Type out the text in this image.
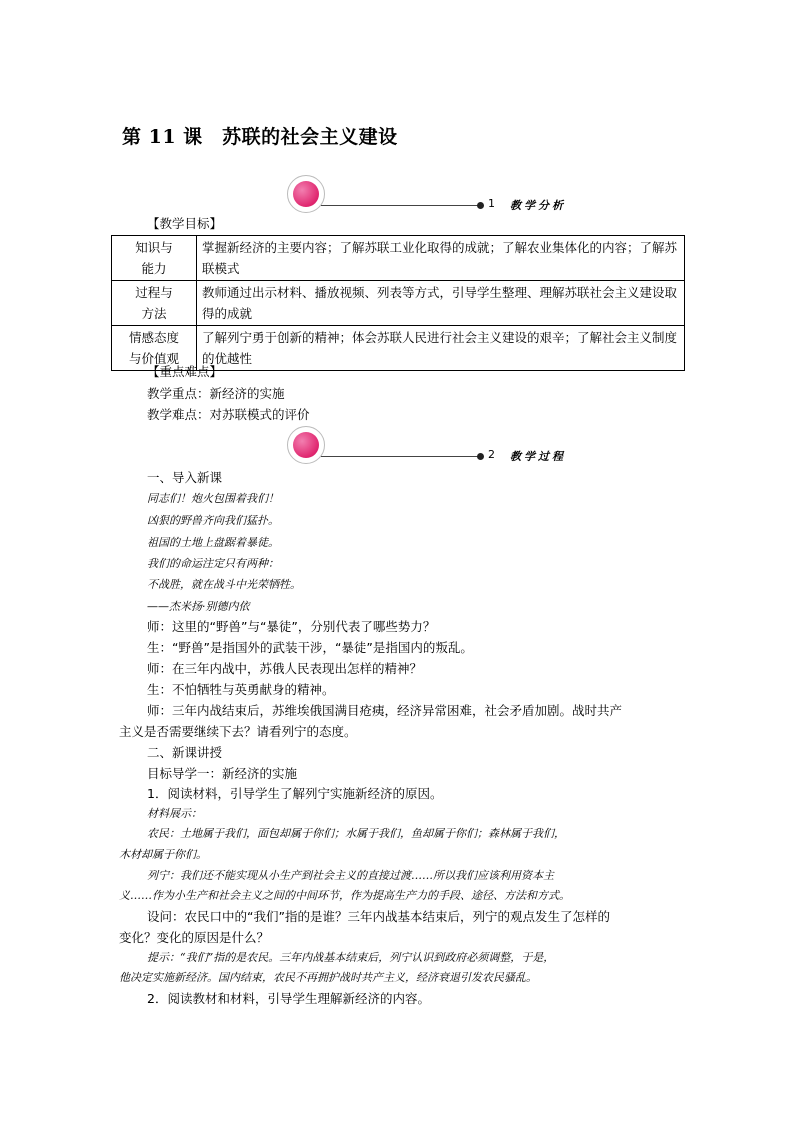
第 11 课　苏联的社会主义建设
1 教学分析
【教学目标】
知识与
能力	掌握新经济的主要内容；了解苏联工业化取得的成就；了解农业集体化的内容；了解苏联模式
过程与
方法	教师通过出示材料、播放视频、列表等方式，引导学生整理、理解苏联社会主义建设取得的成就
情感态度
与价值观	了解列宁勇于创新的精神；体会苏联人民进行社会主义建设的艰辛；了解社会主义制度的优越性
【重点难点】
教学重点：新经济的实施
教学难点：对苏联模式的评价
2 教学过程
一、导入新课
同志们！炮火包围着我们！
凶狠的野兽齐向我们猛扑。
祖国的土地上盘踞着暴徒。
我们的命运注定只有两种：
不战胜，就在战斗中光荣牺牲。
——杰米扬·别德内依
师：这里的“野兽”与“暴徒”，分别代表了哪些势力？
生：“野兽”是指国外的武装干涉，“暴徒”是指国内的叛乱。
师：在三年内战中，苏俄人民表现出怎样的精神？
生：不怕牺牲与英勇献身的精神。
师：三年内战结束后，苏维埃俄国满目疮痍，经济异常困难，社会矛盾加剧。战时共产
主义是否需要继续下去？请看列宁的态度。
二、新课讲授
目标导学一：新经济的实施
1．阅读材料，引导学生了解列宁实施新经济的原因。
材料展示：
农民：土地属于我们，面包却属于你们；水属于我们，鱼却属于你们；森林属于我们，
木材却属于你们。
列宁：我们还不能实现从小生产到社会主义的直接过渡……所以我们应该利用资本主
义……作为小生产和社会主义之间的中间环节，作为提高生产力的手段、途径、方法和方式。
设问：农民口中的“我们”指的是谁？三年内战基本结束后，列宁的观点发生了怎样的
变化？变化的原因是什么？
提示：“我们”指的是农民。三年内战基本结束后，列宁认识到政府必须调整，于是，
他决定实施新经济。国内结束，农民不再拥护战时共产主义，经济衰退引发农民骚乱。
2．阅读教材和材料，引导学生理解新经济的内容。
